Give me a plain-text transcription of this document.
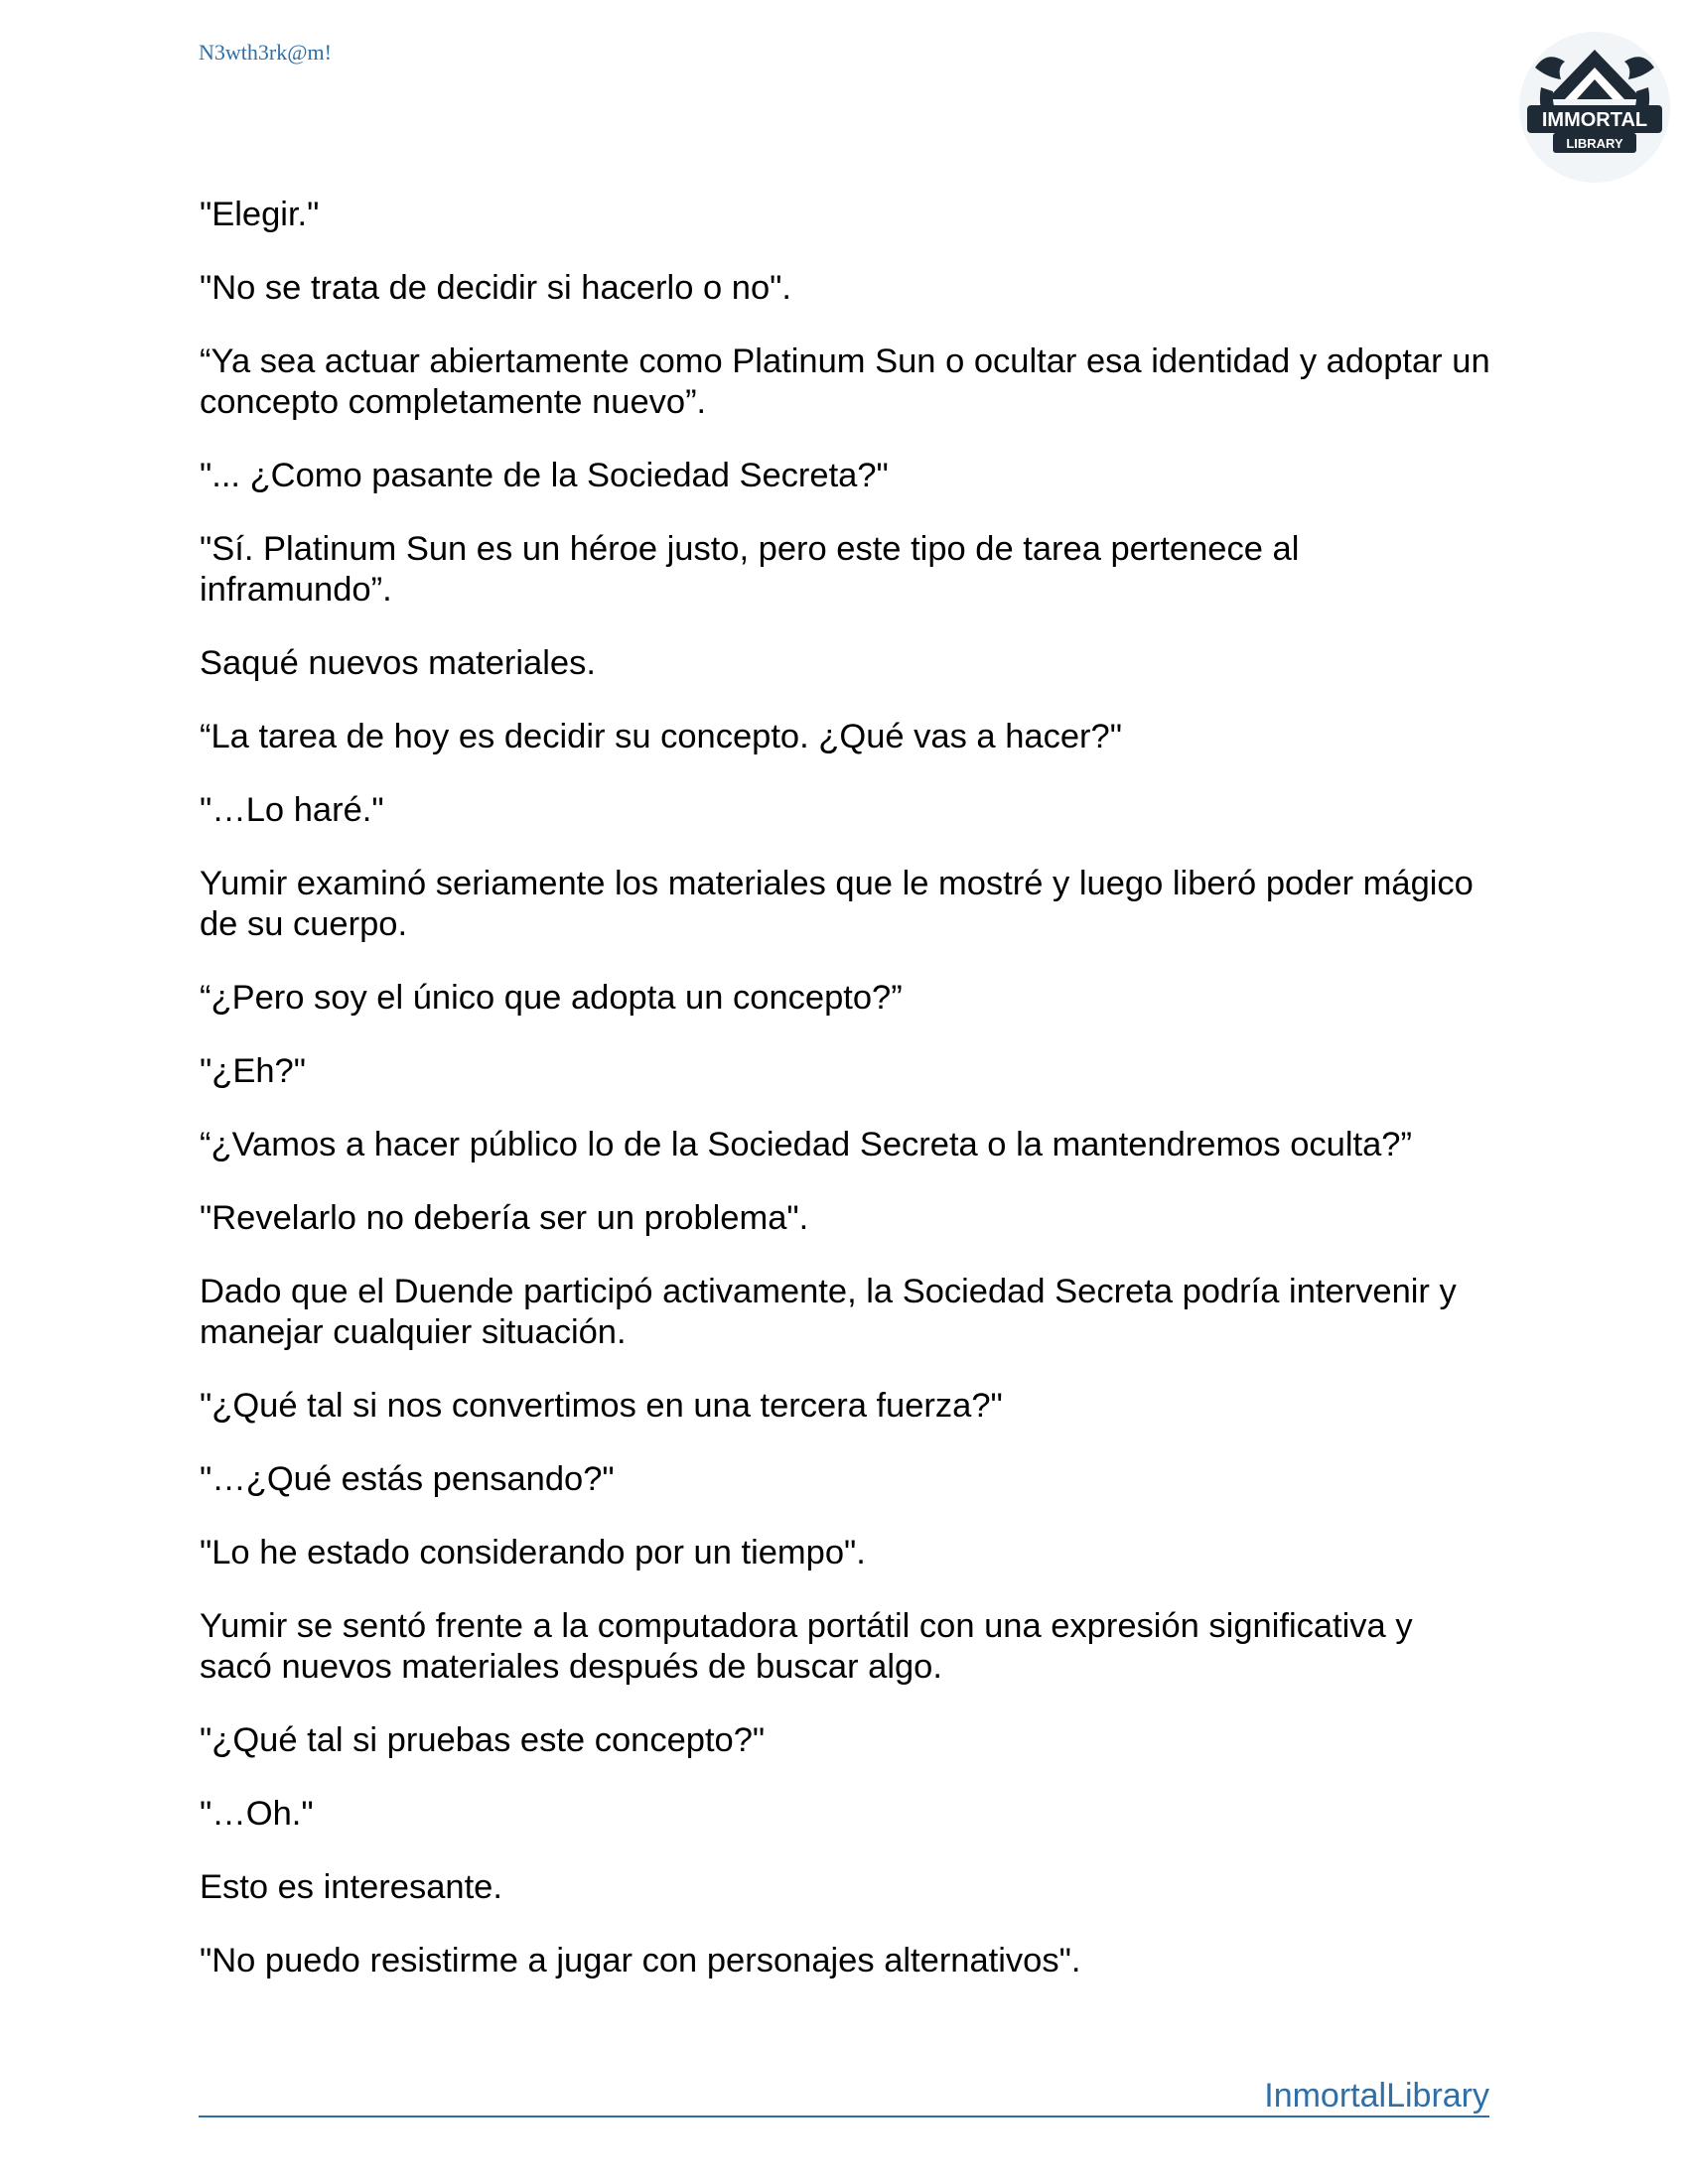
N3wth3rk@m!
IMMORTAL
LIBRARY

"Elegir."

"No se trata de decidir si hacerlo o no".

“Ya sea actuar abiertamente como Platinum Sun o ocultar esa identidad y adoptar un concepto completamente nuevo”.

"... ¿Como pasante de la Sociedad Secreta?"

"Sí. Platinum Sun es un héroe justo, pero este tipo de tarea pertenece al inframundo”.

Saqué nuevos materiales.

“La tarea de hoy es decidir su concepto. ¿Qué vas a hacer?"

"…Lo haré."

Yumir examinó seriamente los materiales que le mostré y luego liberó poder mágico de su cuerpo.

“¿Pero soy el único que adopta un concepto?”

"¿Eh?"

“¿Vamos a hacer público lo de la Sociedad Secreta o la mantendremos oculta?”

"Revelarlo no debería ser un problema".

Dado que el Duende participó activamente, la Sociedad Secreta podría intervenir y manejar cualquier situación.

"¿Qué tal si nos convertimos en una tercera fuerza?"

"…¿Qué estás pensando?"

"Lo he estado considerando por un tiempo".

Yumir se sentó frente a la computadora portátil con una expresión significativa y sacó nuevos materiales después de buscar algo.

"¿Qué tal si pruebas este concepto?"

"…Oh."

Esto es interesante.

"No puedo resistirme a jugar con personajes alternativos".

InmortalLibrary
